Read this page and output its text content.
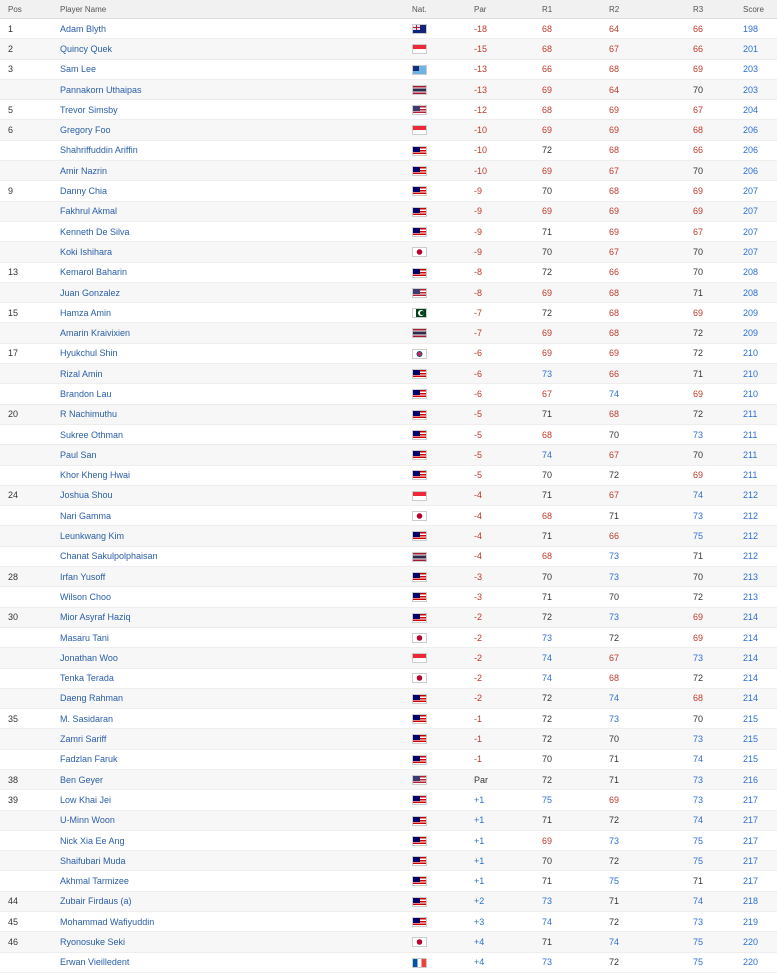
Pos	Player Name	Nat.	Par	R1	R2	R3	Score
1	Adam Blyth		-18	68	64	66	198
2	Quincy Quek		-15	68	67	66	201
3	Sam Lee		-13	66	68	69	203
	Pannakorn Uthaipas		-13	69	64	70	203
5	Trevor Simsby		-12	68	69	67	204
6	Gregory Foo		-10	69	69	68	206
	Shahriffuddin Ariffin		-10	72	68	66	206
	Amir Nazrin		-10	69	67	70	206
9	Danny Chia		-9	70	68	69	207
	Fakhrul Akmal		-9	69	69	69	207
	Kenneth De Silva		-9	71	69	67	207
	Koki Ishihara		-9	70	67	70	207
13	Kemarol Baharin		-8	72	66	70	208
	Juan Gonzalez		-8	69	68	71	208
15	Hamza Amin		-7	72	68	69	209
	Amarin Kraivixien		-7	69	68	72	209
17	Hyukchul Shin		-6	69	69	72	210
	Rizal Amin		-6	73	66	71	210
	Brandon Lau		-6	67	74	69	210
20	R Nachimuthu		-5	71	68	72	211
	Sukree Othman		-5	68	70	73	211
	Paul San		-5	74	67	70	211
	Khor Kheng Hwai		-5	70	72	69	211
24	Joshua Shou		-4	71	67	74	212
	Nari Gamma		-4	68	71	73	212
	Leunkwang Kim		-4	71	66	75	212
	Chanat Sakulpolphaisan		-4	68	73	71	212
28	Irfan Yusoff		-3	70	73	70	213
	Wilson Choo		-3	71	70	72	213
30	Mior Asyraf Haziq		-2	72	73	69	214
	Masaru Tani		-2	73	72	69	214
	Jonathan Woo		-2	74	67	73	214
	Tenka Terada		-2	74	68	72	214
	Daeng Rahman		-2	72	74	68	214
35	M. Sasidaran		-1	72	73	70	215
	Zamri Sariff		-1	72	70	73	215
	Fadzlan Faruk		-1	70	71	74	215
38	Ben Geyer		Par	72	71	73	216
39	Low Khai Jei		+1	75	69	73	217
	U-Minn Woon		+1	71	72	74	217
	Nick Xia Ee Ang		+1	69	73	75	217
	Shaifubari Muda		+1	70	72	75	217
	Akhmal Tarmizee		+1	71	75	71	217
44	Zubair Firdaus (a)		+2	73	71	74	218
45	Mohammad Wafiyuddin		+3	74	72	73	219
46	Ryonosuke Seki		+4	71	74	75	220
	Erwan Vieilledent		+4	73	72	75	220
